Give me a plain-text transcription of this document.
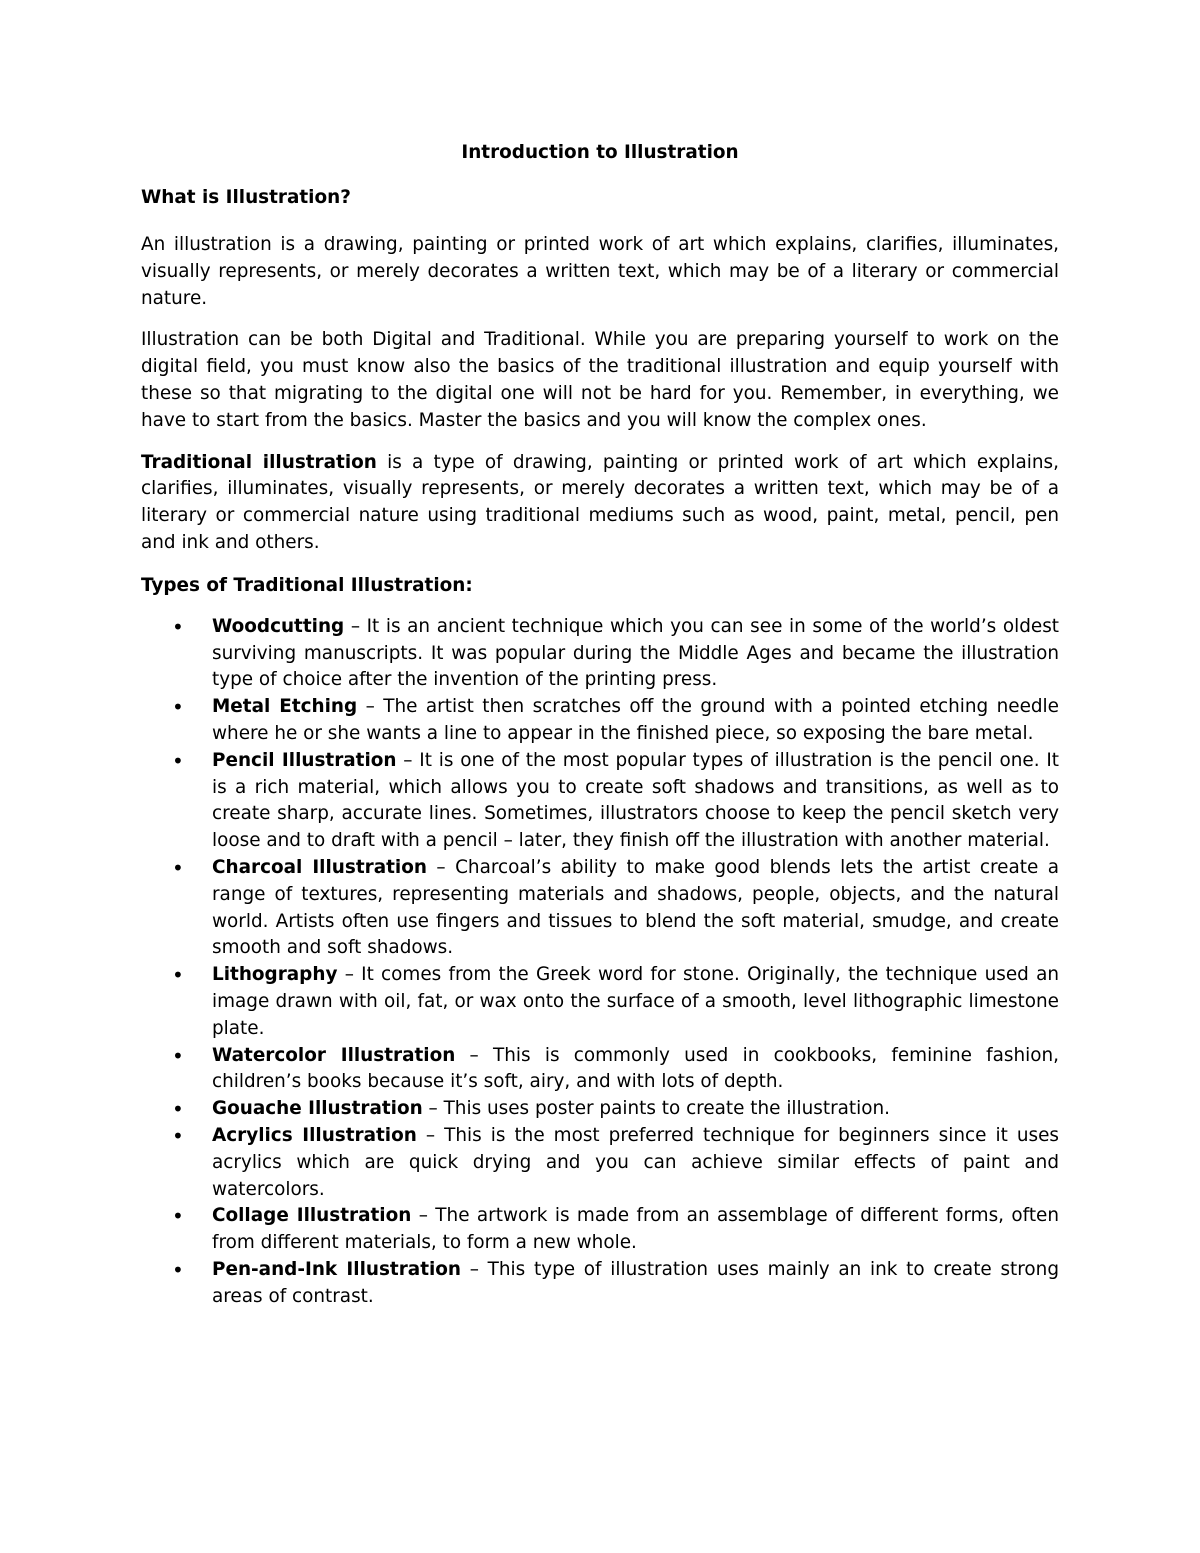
Introduction to Illustration
What is Illustration?

An illustration is a drawing, painting or printed work of art which explains, clarifies, illuminates, visually represents, or merely decorates a written text, which may be of a literary or commercial nature.

Illustration can be both Digital and Traditional. While you are preparing yourself to work on the digital field, you must know also the basics of the traditional illustration and equip yourself with these so that migrating to the digital one will not be hard for you. Remember, in everything, we have to start from the basics. Master the basics and you will know the complex ones.

Traditional illustration is a type of drawing, painting or printed work of art which explains, clarifies, illuminates, visually represents, or merely decorates a written text, which may be of a literary or commercial nature using traditional mediums such as wood, paint, metal, pencil, pen and ink and others.

Types of Traditional Illustration:
• Woodcutting – It is an ancient technique which you can see in some of the world’s oldest surviving manuscripts. It was popular during the Middle Ages and became the illustration type of choice after the invention of the printing press.
• Metal Etching – The artist then scratches off the ground with a pointed etching needle where he or she wants a line to appear in the finished piece, so exposing the bare metal.
• Pencil Illustration – It is one of the most popular types of illustration is the pencil one. It is a rich material, which allows you to create soft shadows and transitions, as well as to create sharp, accurate lines. Sometimes, illustrators choose to keep the pencil sketch very loose and to draft with a pencil – later, they finish off the illustration with another material.
• Charcoal Illustration – Charcoal’s ability to make good blends lets the artist create a range of textures, representing materials and shadows, people, objects, and the natural world. Artists often use fingers and tissues to blend the soft material, smudge, and create smooth and soft shadows.
• Lithography – It comes from the Greek word for stone. Originally, the technique used an image drawn with oil, fat, or wax onto the surface of a smooth, level lithographic limestone plate.
• Watercolor Illustration – This is commonly used in cookbooks, feminine fashion, children’s books because it’s soft, airy, and with lots of depth.
• Gouache Illustration – This uses poster paints to create the illustration.
• Acrylics Illustration – This is the most preferred technique for beginners since it uses acrylics which are quick drying and you can achieve similar effects of paint and watercolors.
• Collage Illustration – The artwork is made from an assemblage of different forms, often from different materials, to form a new whole.
• Pen-and-Ink Illustration – This type of illustration uses mainly an ink to create strong areas of contrast.
